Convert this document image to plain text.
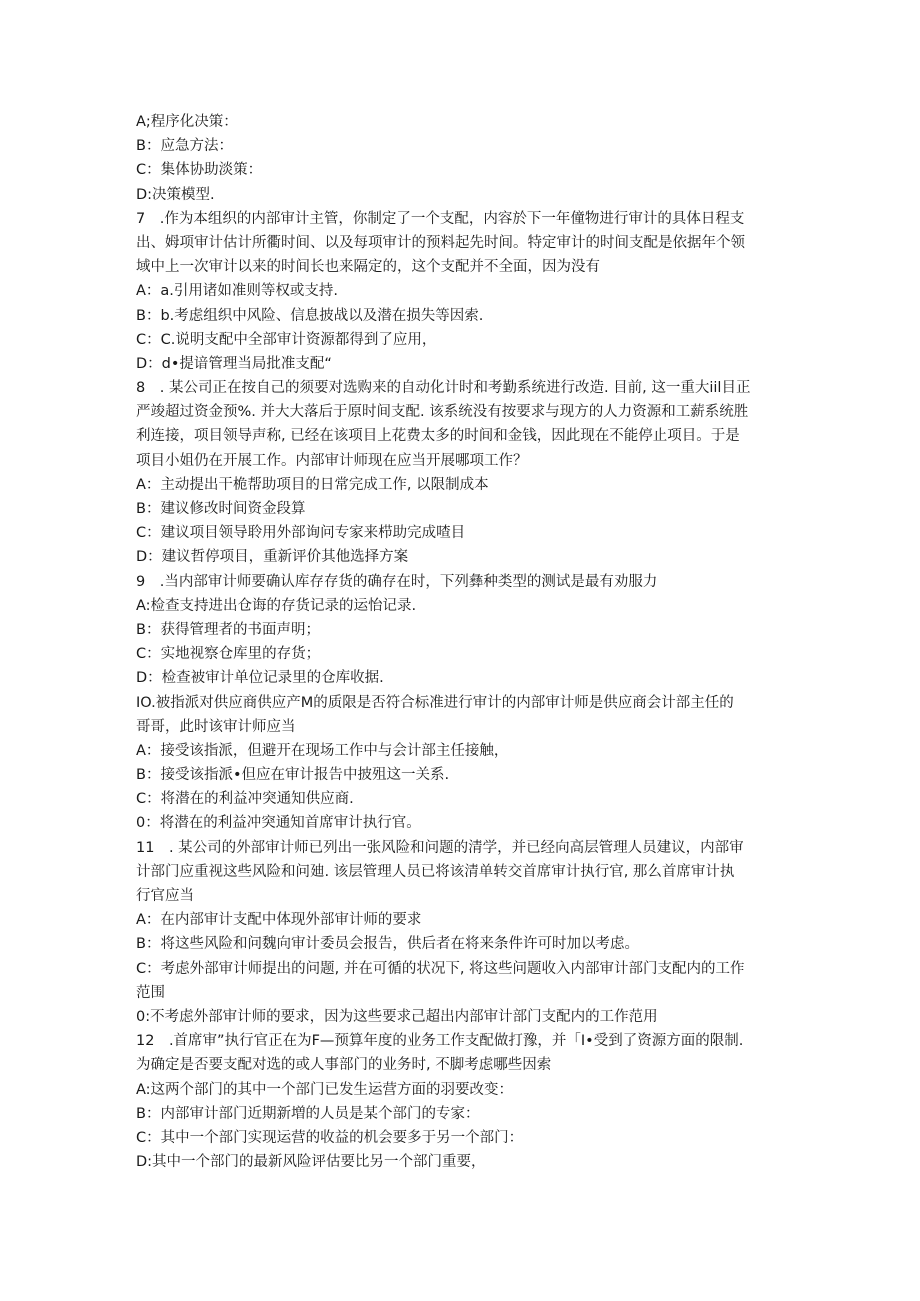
A;程序化决策：
B：应急方法：
C：集体协助淡策：
D:决策模型.
7　.作为本组织的内部审计主管，你制定了一个支配，内容於下一年僮物进行审计的具体日程支
出、姆项审计估计所衢时间、以及每项审计的预料起先时间。特定审计的时间支配是依据年个领
域中上一次审计以来的时间长也来隔定的，这个支配并不全面，因为没有
A：a.引用诸如准则等权或支持.
B：b.考虑组织中风险、信息披战以及潜在损失等因索.
C：C.说明支配中全部审计资源都得到了应用，
D：d•提谙管理当局批准支配“
8　. 某公司正在按自己的须要对选购来的自动化计时和考勤系统进行改造. 目前, 这一重大iil目正
严竣超过资金预%. 并大大落后于原时间支配. 该系统没有按要求与现方的人力资源和工薪系统胜
利连接，项目领导声称, 已经在该项目上花费太多的时间和金钱，因此现在不能停止项目。于是
项目小姐仍在开展工作。内部审计师现在应当开展哪项工作？
A：主动提出干桅帮助项目的日常完成工作, 以限制成本
B：建议修改时间资金段算
C：建议项目领导聆用外部询问专家来栉助完成喳目
D：建议哲停项目，重新评价其他选择方案
9　.当内部审计师要确认库存存货的确存在时，下列彝种类型的测试是最有劝服力
A:检查支持进出仓诲的存货记录的运怡记录.
B：获得管理者的书面声明；
C：实地视察仓库里的存货；
D：检查被审计单位记录里的仓库收据.
IO.被指派对供应商供应产M的质限是否符合标准进行审计的内部审计师是供应商会计部主任的
哥哥，此时该审计师应当
A：接受该指派，但避开在现场工作中与会计部主任接触，
B：接受该指派•但应在审计报告中披殂这一关系.
C：将潜在的利益冲突通知供应商.
0：将潜在的利益冲突通知首席审计执行官。
11　. 某公司的外部审计师已列出一张风险和问题的清学，并已经向高层管理人员建议，内部审
计部门应重视这些风险和问廸. 该层管理人员已将该清单转交首席审计执行官, 那么首席审计执
行官应当
A：在内部审计支配中体现外部审计师的要求
B：将这些风险和问魏向审计委员会报告，供后者在将来条件许可时加以考虑。
C：考虑外部审计师提出的问题, 并在可循的状况下, 将这些问题收入内部审计部门支配内的工作
范围
0:不考虑外部审计师的要求，因为这些要求己超出内部审计部门支配内的工作范用
12　.首席审”执行官正在为F—预算年度的业务工作支配做打豫，并「I•受到了资源方面的限制.
为确定是否要支配对选的或人事部门的业务时, 不脚考虑哪些因索
A:这两个部门的其中一个部门已发生运营方面的羽要改变：
B：内部审计部门近期新増的人员是某个部门的专家：
C：其中一个部门实现运营的收益的机会要多于另一个部门：
D:其中一个部门的最新风险评估要比另一个部门重要，
